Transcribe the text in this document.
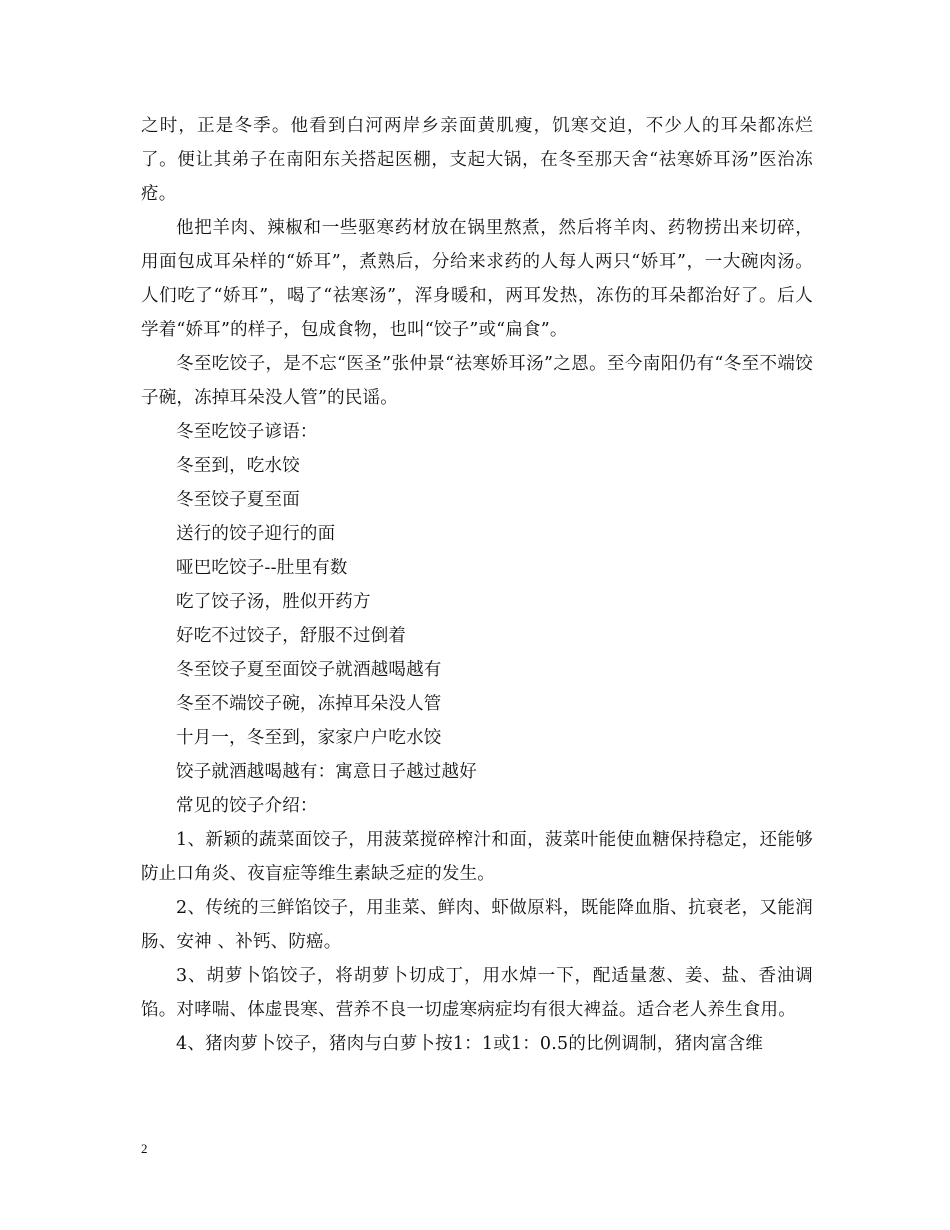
之时，正是冬季。他看到白河两岸乡亲面黄肌瘦，饥寒交迫，不少人的耳朵都冻烂了。便让其弟子在南阳东关搭起医棚，支起大锅，在冬至那天舍“祛寒娇耳汤”医治冻疮。

他把羊肉、辣椒和一些驱寒药材放在锅里熬煮，然后将羊肉、药物捞出来切碎，用面包成耳朵样的“娇耳”，煮熟后，分给来求药的人每人两只“娇耳”，一大碗肉汤。人们吃了“娇耳”，喝了“祛寒汤”，浑身暖和，两耳发热，冻伤的耳朵都治好了。后人学着“娇耳”的样子，包成食物，也叫“饺子”或“扁食”。

冬至吃饺子，是不忘“医圣”张仲景“祛寒娇耳汤”之恩。至今南阳仍有“冬至不端饺子碗，冻掉耳朵没人管”的民谣。

冬至吃饺子谚语：

冬至到，吃水饺

冬至饺子夏至面

送行的饺子迎行的面

哑巴吃饺子--肚里有数

吃了饺子汤，胜似开药方

好吃不过饺子，舒服不过倒着

冬至饺子夏至面饺子就酒越喝越有

冬至不端饺子碗，冻掉耳朵没人管

十月一，冬至到，家家户户吃水饺

饺子就酒越喝越有：寓意日子越过越好

常见的饺子介绍：

1、新颖的蔬菜面饺子，用菠菜搅碎榨汁和面，菠菜叶能使血糖保持稳定，还能够防止口角炎、夜盲症等维生素缺乏症的发生。

2、传统的三鲜馅饺子，用韭菜、鲜肉、虾做原料，既能降血脂、抗衰老，又能润肠、安神 、补钙、防癌。

3、胡萝卜馅饺子，将胡萝卜切成丁，用水焯一下，配适量葱、姜、盐、香油调馅。对哮喘、体虚畏寒、营养不良一切虚寒病症均有很大裨益。适合老人养生食用。

4、猪肉萝卜饺子，猪肉与白萝卜按1：1或1：0.5的比例调制，猪肉富含维

2
